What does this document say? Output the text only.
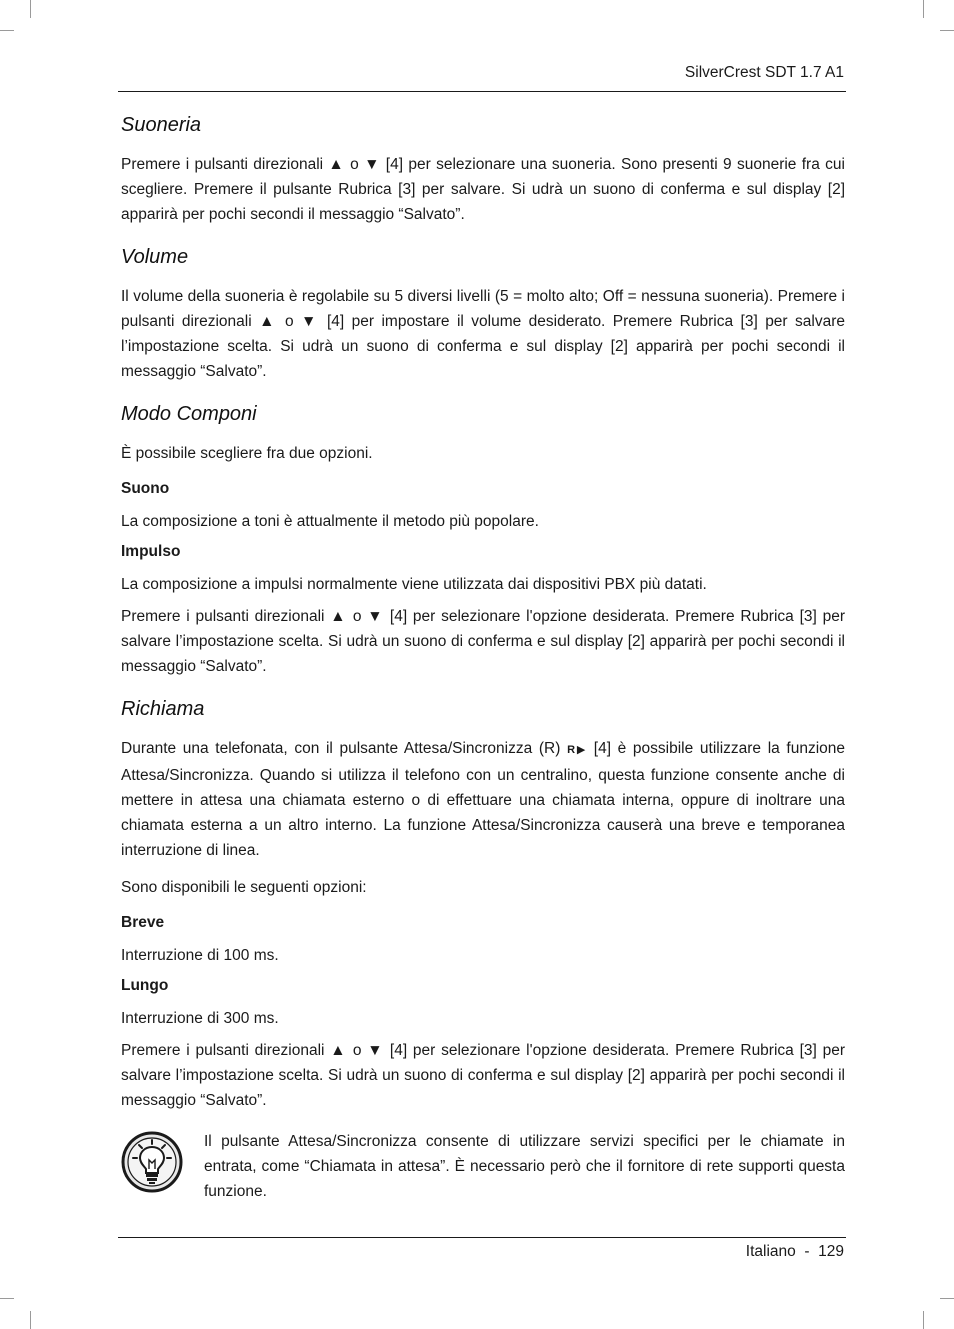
SilverCrest SDT 1.7 A1
Suoneria

Premere i pulsanti direzionali ▲ o ▼ [4] per selezionare una suoneria. Sono presenti 9 suonerie fra cui scegliere. Premere il pulsante Rubrica [3] per salvare. Si udrà un suono di conferma e sul display [2] apparirà per pochi secondi il messaggio “Salvato”.

Volume

Il volume della suoneria è regolabile su 5 diversi livelli (5 = molto alto; Off = nessuna suoneria). Premere i pulsanti direzionali ▲ o ▼ [4] per impostare il volume desiderato. Premere Rubrica [3] per salvare l’impostazione scelta. Si udrà un suono di conferma e sul display [2] apparirà per pochi secondi il messaggio “Salvato”.

Modo Componi

È possibile scegliere fra due opzioni.

Suono

La composizione a toni è attualmente il metodo più popolare.

Impulso

La composizione a impulsi normalmente viene utilizzata dai dispositivi PBX più datati.

Premere i pulsanti direzionali ▲ o ▼ [4] per selezionare l'opzione desiderata. Premere Rubrica [3] per salvare l’impostazione scelta. Si udrà un suono di conferma e sul display [2] apparirà per pochi secondi il messaggio “Salvato”.

Richiama

Durante una telefonata, con il pulsante Attesa/Sincronizza (R) R▶ [4] è possibile utilizzare la funzione Attesa/Sincronizza. Quando si utilizza il telefono con un centralino, questa funzione consente anche di mettere in attesa una chiamata esterno o di effettuare una chiamata interna, oppure di inoltrare una chiamata esterna a un altro interno. La funzione Attesa/Sincronizza causerà una breve e temporanea interruzione di linea.

Sono disponibili le seguenti opzioni:

Breve

Interruzione di 100 ms.

Lungo

Interruzione di 300 ms.

Premere i pulsanti direzionali ▲ o ▼ [4] per selezionare l'opzione desiderata. Premere Rubrica [3] per salvare l’impostazione scelta. Si udrà un suono di conferma e sul display [2] apparirà per pochi secondi il messaggio “Salvato”.

Il pulsante Attesa/Sincronizza consente di utilizzare servizi specifici per le chiamate in entrata, come “Chiamata in attesa”. È necessario però che il fornitore di rete supporti questa funzione.

Italiano  -  129
